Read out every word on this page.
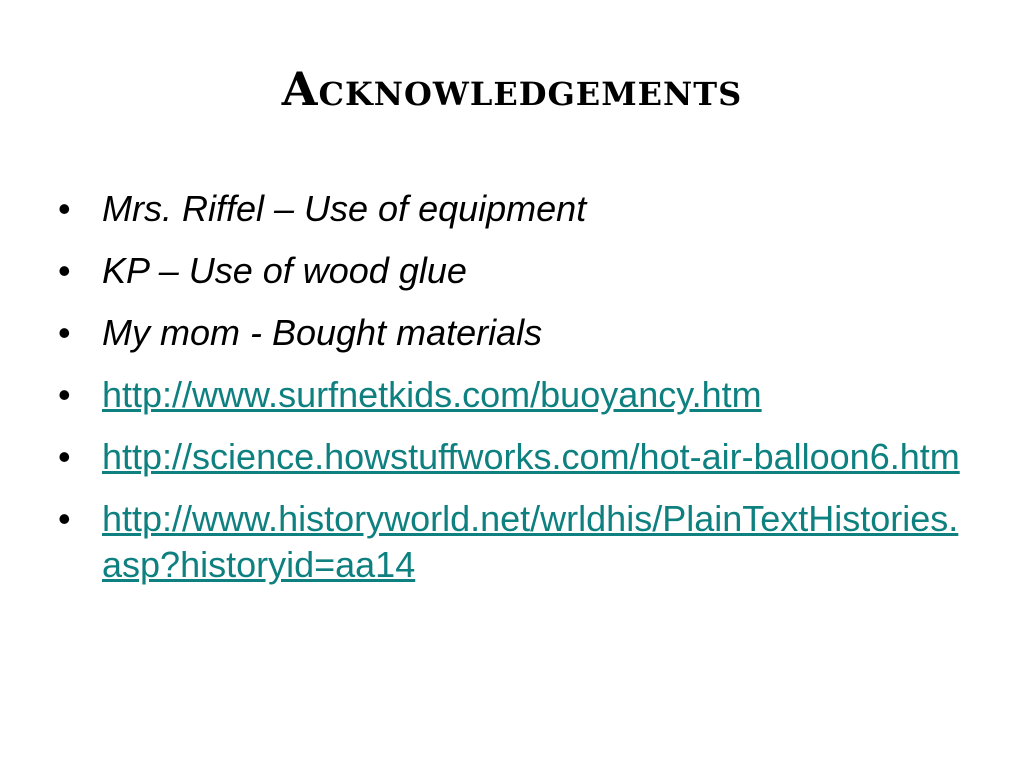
Acknowledgements
• Mrs. Riffel – Use of equipment
• KP – Use of wood glue
• My mom - Bought materials
• http://www.surfnetkids.com/buoyancy.htm
• http://science.howstuffworks.com/hot-air-balloon6.htm
• http://www.historyworld.net/wrldhis/PlainTextHistories.asp?historyid=aa14
